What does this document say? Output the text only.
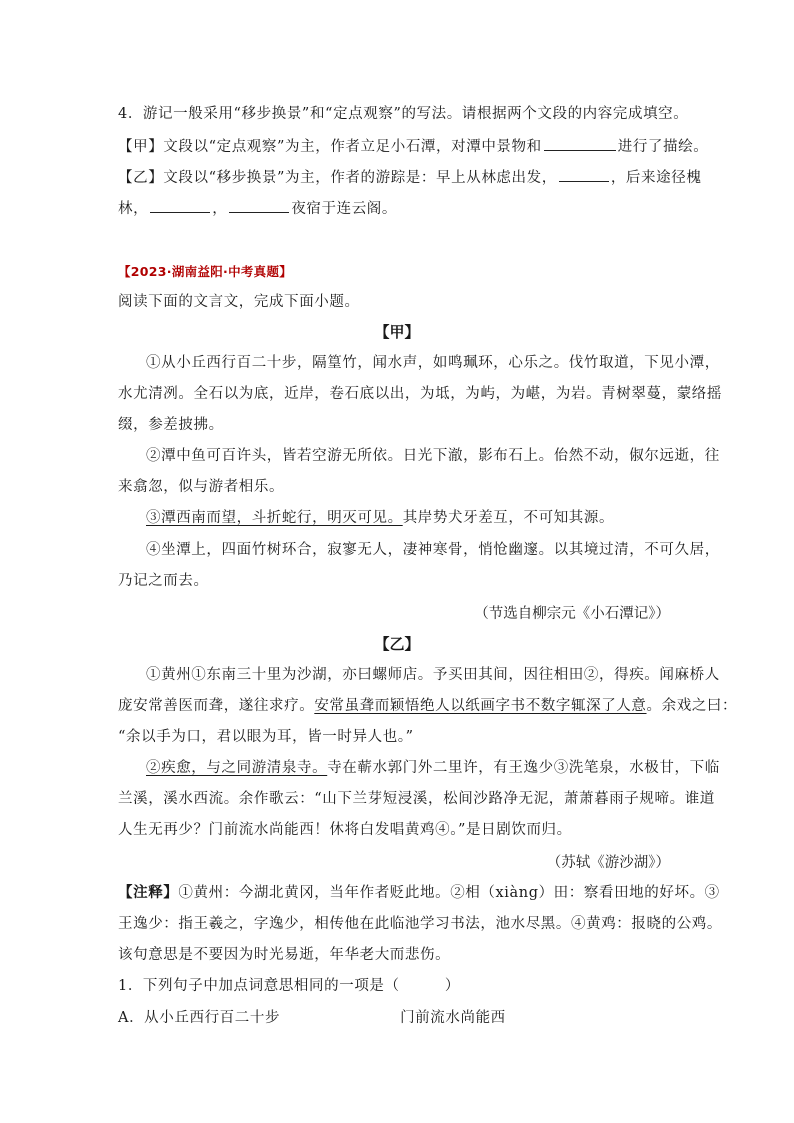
4．游记一般采用“移步换景”和“定点观察”的写法。请根据两个文段的内容完成填空。
【甲】文段以“定点观察”为主，作者立足小石潭，对潭中景物和	进行了描绘。
【乙】文段以“移步换景”为主，作者的游踪是：早上从林虑出发，	，后来途径槐
林，	，	夜宿于连云阁。
【2023·湖南益阳·中考真题】
阅读下面的文言文，完成下面小题。
【甲】
①从小丘西行百二十步，隔篁竹，闻水声，如鸣珮环，心乐之。伐竹取道，下见小潭，
水尤清冽。全石以为底，近岸，卷石底以出，为坻，为屿，为嵁，为岩。青树翠蔓，蒙络摇
缀，参差披拂。
②潭中鱼可百许头，皆若空游无所依。日光下澈，影布石上。佁然不动，俶尔远逝，往
来翕忽，似与游者相乐。
③潭西南而望，斗折蛇行，明灭可见。其岸势犬牙差互，不可知其源。
④坐潭上，四面竹树环合，寂寥无人，凄神寒骨，悄怆幽邃。以其境过清，不可久居，
乃记之而去。
（节选自柳宗元《小石潭记》）
【乙】
①黄州①东南三十里为沙湖，亦曰螺师店。予买田其间，因往相田②，得疾。闻麻桥人
庞安常善医而聋，遂往求疗。安常虽聋而颖悟绝人以纸画字书不数字辄深了人意。余戏之曰：
“余以手为口，君以眼为耳，皆一时异人也。”
②疾愈，与之同游清泉寺。寺在蕲水郭门外二里许，有王逸少③洗笔泉，水极甘，下临
兰溪，溪水西流。余作歌云：“山下兰芽短浸溪，松间沙路净无泥，萧萧暮雨子规啼。谁道
人生无再少？门前流水尚能西！休将白发唱黄鸡④。”是日剧饮而归。
（苏轼《游沙湖》）
【注释】①黄州：今湖北黄冈，当年作者贬此地。②相（xiàng）田：察看田地的好坏。③
王逸少：指王羲之，字逸少，相传他在此临池学习书法，池水尽黑。④黄鸡：报晓的公鸡。
该句意思是不要因为时光易逝，年华老大而悲伤。
1．下列句子中加点词意思相同的一项是（　　　）
A．从小丘西行百二十步	门前流水尚能西
